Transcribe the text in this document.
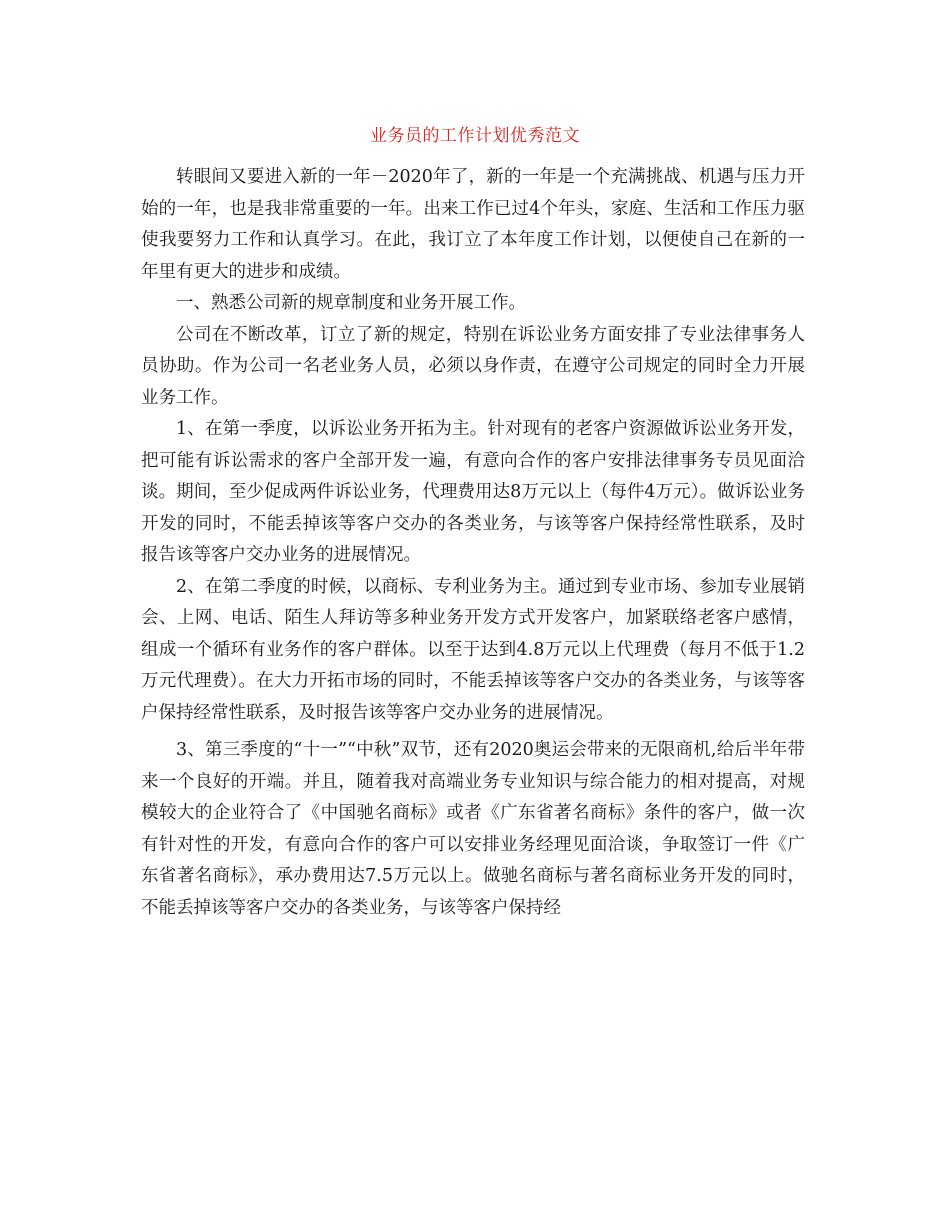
业务员的工作计划优秀范文

转眼间又要进入新的一年－2020年了，新的一年是一个充满挑战、机遇与压力开始的一年，也是我非常重要的一年。出来工作已过4个年头，家庭、生活和工作压力驱使我要努力工作和认真学习。在此，我订立了本年度工作计划，以便使自己在新的一年里有更大的进步和成绩。

一、熟悉公司新的规章制度和业务开展工作。

公司在不断改革，订立了新的规定，特别在诉讼业务方面安排了专业法律事务人员协助。作为公司一名老业务人员，必须以身作责，在遵守公司规定的同时全力开展业务工作。

1、在第一季度，以诉讼业务开拓为主。针对现有的老客户资源做诉讼业务开发，把可能有诉讼需求的客户全部开发一遍，有意向合作的客户安排法律事务专员见面洽谈。期间，至少促成两件诉讼业务，代理费用达8万元以上（每件4万元）。做诉讼业务开发的同时，不能丢掉该等客户交办的各类业务，与该等客户保持经常性联系，及时报告该等客户交办业务的进展情况。

2、在第二季度的时候，以商标、专利业务为主。通过到专业市场、参加专业展销会、上网、电话、陌生人拜访等多种业务开发方式开发客户，加紧联络老客户感情，组成一个循环有业务作的客户群体。以至于达到4.8万元以上代理费（每月不低于1.2万元代理费）。在大力开拓市场的同时，不能丢掉该等客户交办的各类业务，与该等客户保持经常性联系，及时报告该等客户交办业务的进展情况。

3、第三季度的“十一”“中秋”双节，还有2020奥运会带来的无限商机,给后半年带来一个良好的开端。并且，随着我对高端业务专业知识与综合能力的相对提高，对规模较大的企业符合了《中国驰名商标》或者《广东省著名商标》条件的客户，做一次有针对性的开发，有意向合作的客户可以安排业务经理见面洽谈，争取签订一件《广东省著名商标》，承办费用达7.5万元以上。做驰名商标与著名商标业务开发的同时，不能丢掉该等客户交办的各类业务，与该等客户保持经
